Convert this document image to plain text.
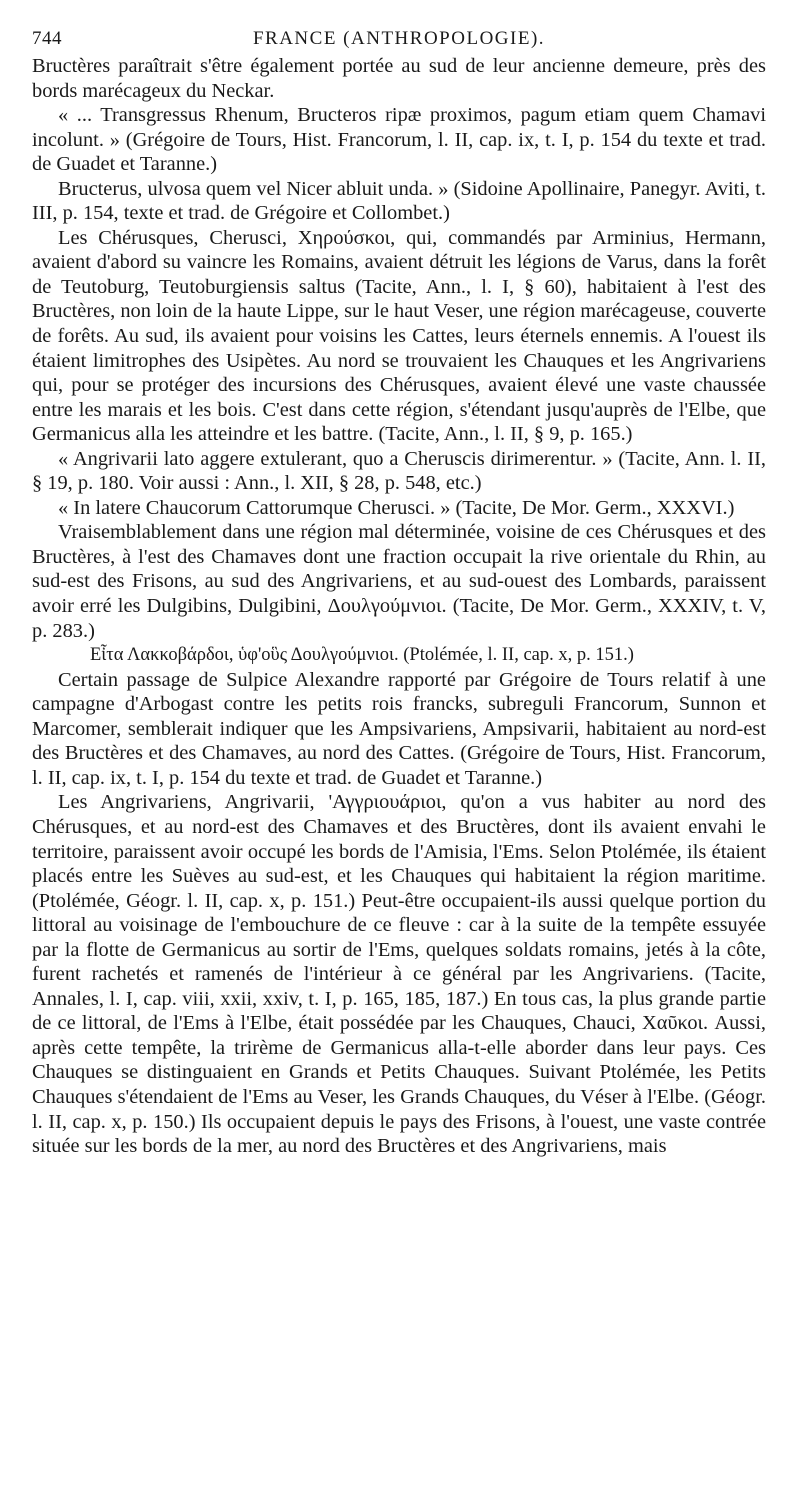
744	FRANCE (ANTHROPOLOGIE).

Bructères paraîtrait s'être également portée au sud de leur ancienne demeure, près des bords marécageux du Neckar.

« ... Transgressus Rhenum, Bructeros ripæ proximos, pagum etiam quem Chamavi incolunt. » (Grégoire de Tours, Hist. Francorum, l. II, cap. ix, t. I, p. 154 du texte et trad. de Guadet et Taranne.)

Bructerus, ulvosa quem vel Nicer abluit unda. » (Sidoine Apollinaire, Panegyr. Aviti, t. III, p. 154, texte et trad. de Grégoire et Collombet.)

Les Chérusques, Cherusci, Χηρούσκοι, qui, commandés par Arminius, Hermann, avaient d'abord su vaincre les Romains, avaient détruit les légions de Varus, dans la forêt de Teutoburg, Teutoburgiensis saltus (Tacite, Ann., l. I, § 60), habitaient à l'est des Bructères, non loin de la haute Lippe, sur le haut Veser, une région marécageuse, couverte de forêts. Au sud, ils avaient pour voisins les Cattes, leurs éternels ennemis. A l'ouest ils étaient limitrophes des Usipètes. Au nord se trouvaient les Chauques et les Angrivariens qui, pour se protéger des incursions des Chérusques, avaient élevé une vaste chaussée entre les marais et les bois. C'est dans cette région, s'étendant jusqu'auprès de l'Elbe, que Germanicus alla les atteindre et les battre. (Tacite, Ann., l. II, § 9, p. 165.)

« Angrivarii lato aggere extulerant, quo a Cheruscis dirimerentur. » (Tacite, Ann. l. II, § 19, p. 180. Voir aussi : Ann., l. XII, § 28, p. 548, etc.)

« In latere Chaucorum Cattorumque Cherusci. » (Tacite, De Mor. Germ., XXXVI.)

Vraisemblablement dans une région mal déterminée, voisine de ces Chérusques et des Bructères, à l'est des Chamaves dont une fraction occupait la rive orientale du Rhin, au sud-est des Frisons, au sud des Angrivariens, et au sud-ouest des Lombards, paraissent avoir erré les Dulgibins, Dulgibini, Δουλγούμνιοι. (Tacite, De Mor. Germ., XXXIV, t. V, p. 283.)

Εἶτα Λακκοβάρδοι, ὑφ'οὓς Δουλγούμνιοι. (Ptolémée, l. II, cap. x, p. 151.)

Certain passage de Sulpice Alexandre rapporté par Grégoire de Tours relatif à une campagne d'Arbogast contre les petits rois francks, subreguli Francorum, Sunnon et Marcomer, semblerait indiquer que les Ampsivariens, Ampsivarii, habitaient au nord-est des Bructères et des Chamaves, au nord des Cattes. (Grégoire de Tours, Hist. Francorum, l. II, cap. ix, t. I, p. 154 du texte et trad. de Guadet et Taranne.)

Les Angrivariens, Angrivarii, 'Αγγριουάριοι, qu'on a vus habiter au nord des Chérusques, et au nord-est des Chamaves et des Bructères, dont ils avaient envahi le territoire, paraissent avoir occupé les bords de l'Amisia, l'Ems. Selon Ptolémée, ils étaient placés entre les Suèves au sud-est, et les Chauques qui habitaient la région maritime. (Ptolémée, Géogr. l. II, cap. x, p. 151.) Peut-être occupaient-ils aussi quelque portion du littoral au voisinage de l'embouchure de ce fleuve : car à la suite de la tempête essuyée par la flotte de Germanicus au sortir de l'Ems, quelques soldats romains, jetés à la côte, furent rachetés et ramenés de l'intérieur à ce général par les Angrivariens. (Tacite, Annales, l. I, cap. viii, xxii, xxiv, t. I, p. 165, 185, 187.) En tous cas, la plus grande partie de ce littoral, de l'Ems à l'Elbe, était possédée par les Chauques, Chauci, Χαῦκοι. Aussi, après cette tempête, la trirème de Germanicus alla-t-elle aborder dans leur pays. Ces Chauques se distinguaient en Grands et Petits Chauques. Suivant Ptolémée, les Petits Chauques s'étendaient de l'Ems au Veser, les Grands Chauques, du Véser à l'Elbe. (Géogr. l. II, cap. x, p. 150.) Ils occupaient depuis le pays des Frisons, à l'ouest, une vaste contrée située sur les bords de la mer, au nord des Bructères et des Angrivariens, mais
